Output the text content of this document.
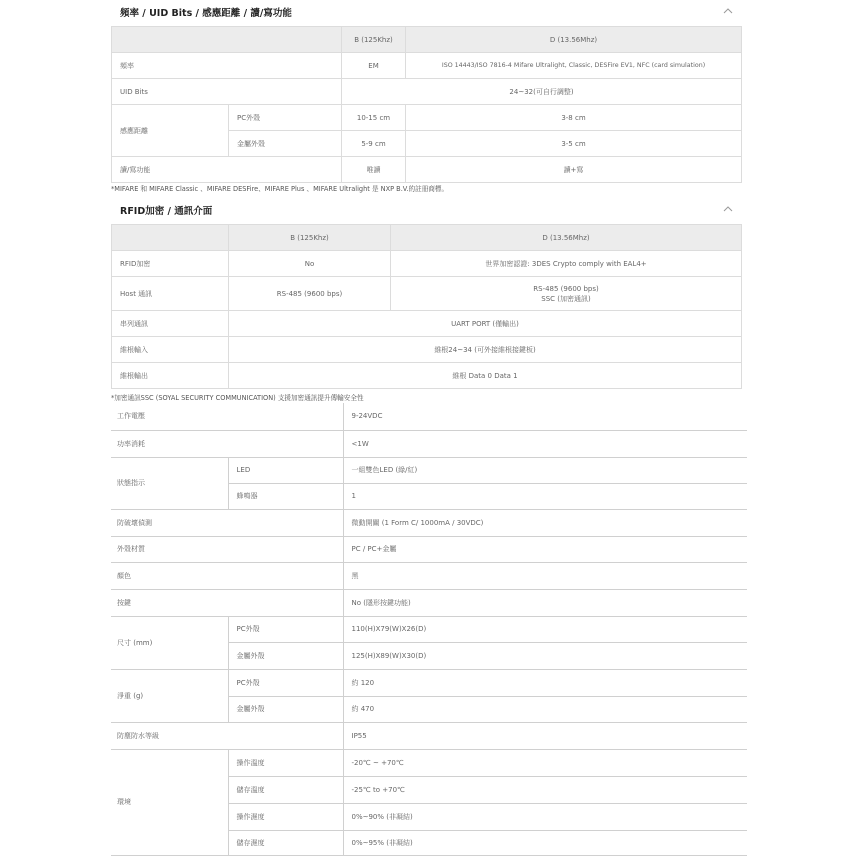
頻率 / UID Bits / 感應距離 / 讀/寫功能
		B (125Khz)	D (13.56Mhz)
頻率		EM	ISO 14443/ISO 7816-4 Mifare Ultralight, Classic, DESFire EV1, NFC (card simulation)
UID Bits		24~32(可自行調整)	
感應距離	PC外殼	10-15 cm	3-8 cm
	金屬外殼	5-9 cm	3-5 cm
讀/寫功能		唯讀	讀+寫
*MIFARE 和 MIFARE Classic 、MIFARE DESFire、MIFARE Plus 、MIFARE Ultralight 是 NXP B.V.的註冊商標。
RFID加密 / 通訊介面
	B (125Khz)	D (13.56Mhz)
RFID加密	No	世界加密認證: 3DES Crypto comply with EAL4+
Host 通訊	RS-485 (9600 bps)	RS-485 (9600 bps)
SSC (加密通訊)

串列通訊	UART PORT (僅輸出)	
維根輸入	維根24~34 (可外接維根接鍵板)	
維根輸出	維根 Data 0 Data 1	
*加密通訊SSC (SOYAL SECURITY COMMUNICATION) 支援加密通訊提升傳輸安全性
工作電壓		9-24VDC
功率消耗		<1W
狀態指示	LED	一組雙色LED (綠/紅)
	蜂鳴器	1
防破壞偵測		微動開關 (1 Form C/ 1000mA / 30VDC)
外殼材質		PC / PC+金屬
顏色		黑
按鍵		No (隱形按鍵功能)
尺寸 (mm)	PC外殼	110(H)X79(W)X26(D)
	金屬外殼	125(H)X89(W)X30(D)
淨重 (g)	PC外殼	約 120
	金屬外殼	約 470
防塵防水等級		IP55
環境	操作溫度	-20℃ ~ +70℃
	儲存溫度	-25℃ to +70℃
	操作濕度	0%~90% (非凝結)
	儲存濕度	0%~95% (非凝結)
